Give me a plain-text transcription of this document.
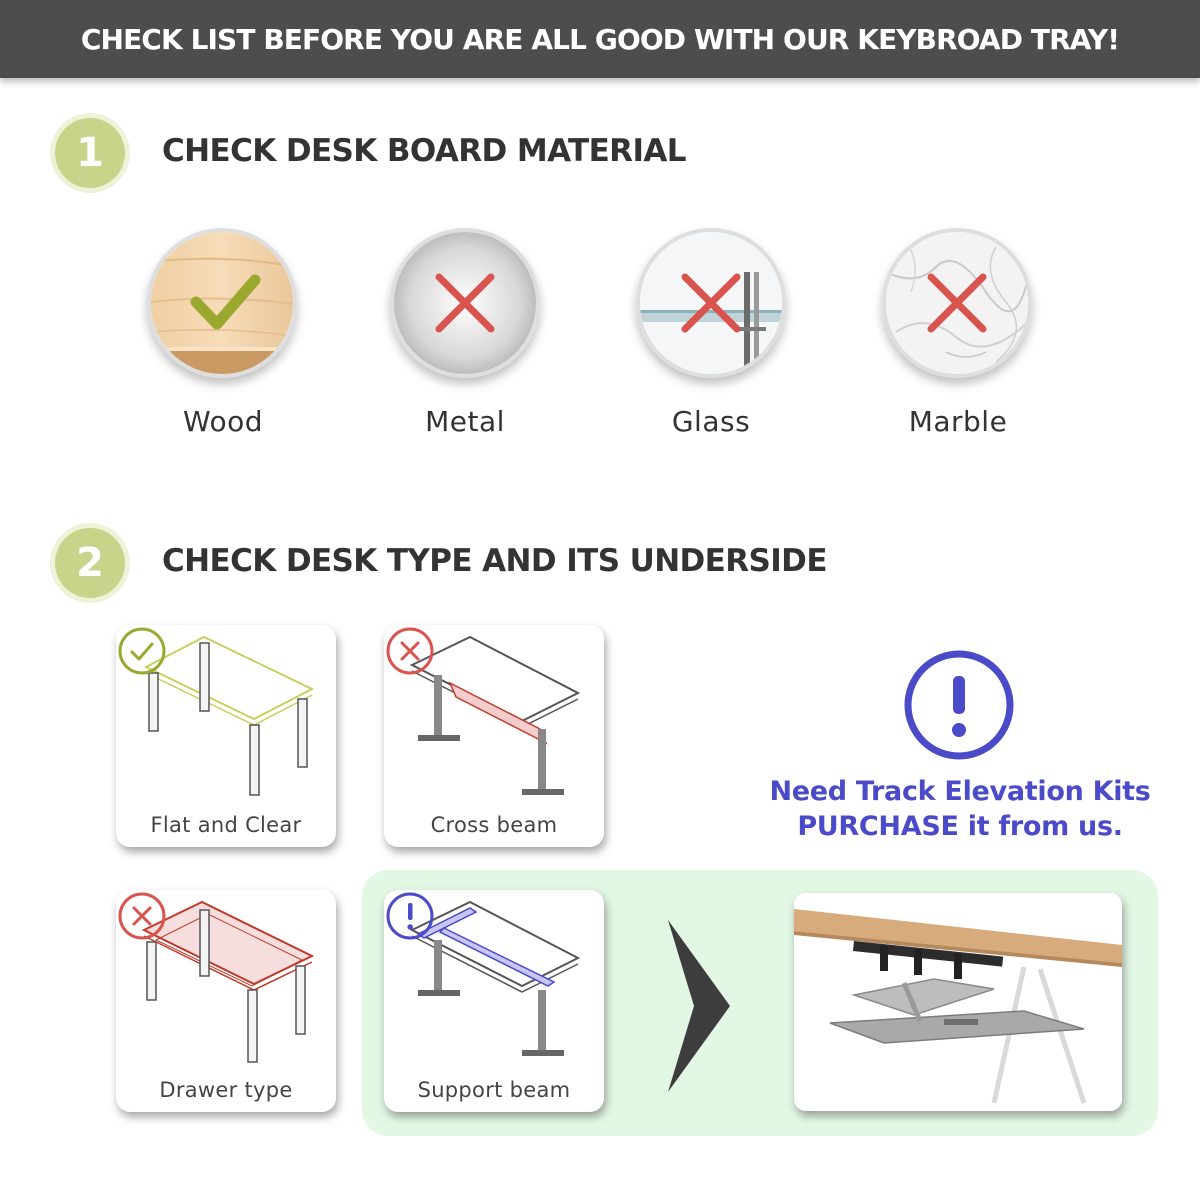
CHECK LIST BEFORE YOU ARE ALL GOOD WITH OUR KEYBROAD TRAY!
1	CHECK DESK BOARD MATERIAL
Wood	Metal	Glass	Marble
2	CHECK DESK TYPE AND ITS UNDERSIDE
Flat and Clear	Cross beam
Drawer type	Support beam
Need Track Elevation Kits
PURCHASE it from us.
